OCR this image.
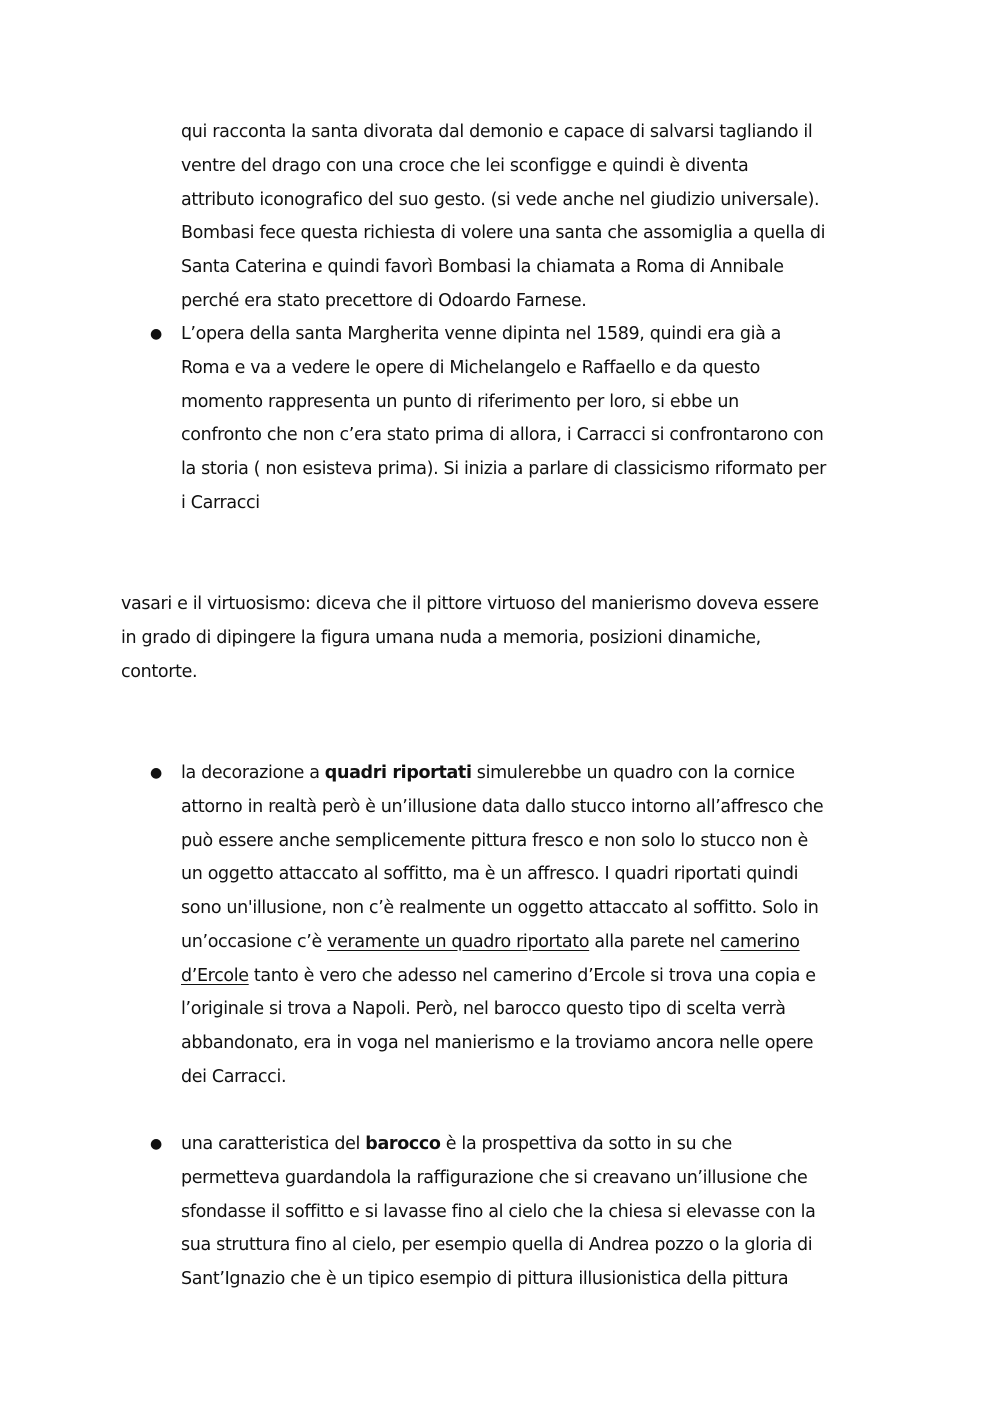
qui racconta la santa divorata dal demonio e capace di salvarsi tagliando il
ventre del drago con una croce che lei sconfigge e quindi è diventa
attributo iconografico del suo gesto. (si vede anche nel giudizio universale).
Bombasi fece questa richiesta di volere una santa che assomiglia a quella di
Santa Caterina e quindi favorì Bombasi la chiamata a Roma di Annibale
perché era stato precettore di Odoardo Farnese.
● L’opera della santa Margherita venne dipinta nel 1589, quindi era già a
Roma e va a vedere le opere di Michelangelo e Raffaello e da questo
momento rappresenta un punto di riferimento per loro, si ebbe un
confronto che non c’era stato prima di allora, i Carracci si confrontarono con
la storia ( non esisteva prima). Si inizia a parlare di classicismo riformato per
i Carracci
vasari e il virtuosismo: diceva che il pittore virtuoso del manierismo doveva essere
in grado di dipingere la figura umana nuda a memoria, posizioni dinamiche,
contorte.
● la decorazione a quadri riportati simulerebbe un quadro con la cornice
attorno in realtà però è un’illusione data dallo stucco intorno all’affresco che
può essere anche semplicemente pittura fresco e non solo lo stucco non è
un oggetto attaccato al soffitto, ma è un affresco. I quadri riportati quindi
sono un'illusione, non c’è realmente un oggetto attaccato al soffitto. Solo in
un’occasione c’è veramente un quadro riportato alla parete nel camerino
d’Ercole tanto è vero che adesso nel camerino d’Ercole si trova una copia e
l’originale si trova a Napoli. Però, nel barocco questo tipo di scelta verrà
abbandonato, era in voga nel manierismo e la troviamo ancora nelle opere
dei Carracci.
● una caratteristica del barocco è la prospettiva da sotto in su che
permetteva guardandola la raffigurazione che si creavano un’illusione che
sfondasse il soffitto e si lavasse fino al cielo che la chiesa si elevasse con la
sua struttura fino al cielo, per esempio quella di Andrea pozzo o la gloria di
Sant’Ignazio che è un tipico esempio di pittura illusionistica della pittura
